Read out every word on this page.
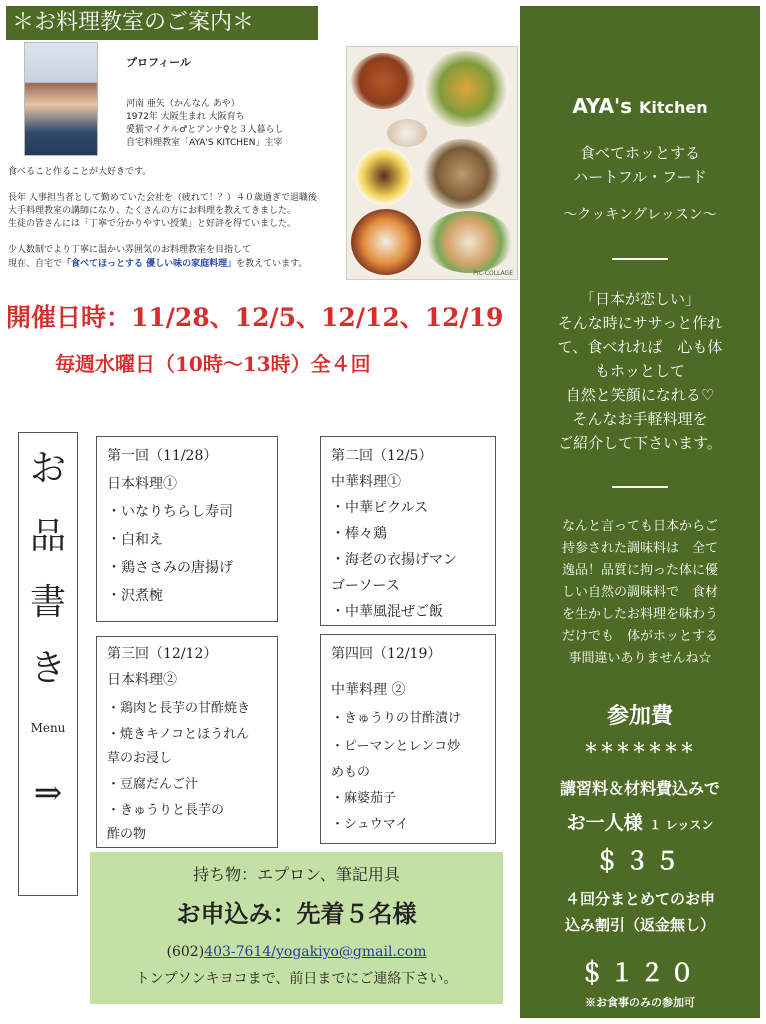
＊お料理教室のご案内＊
プロフィール
河南 亜矢（かんなん あや）
1972年 大阪生まれ 大阪育ち
愛猫マイケル♂とアンナ♀と３人暮らし
自宅料理教室「AYA'S KITCHEN」主宰
食べること作ることが大好きです。
長年 人事担当者として勤めていた会社を（疲れて！？）４０歳過ぎで退職後
大手料理教室の講師になり、たくさんの方にお料理を教えてきました。
生徒の皆さんには「丁寧で分かりやすい授業」と好評を得ていました。
少人数制でより丁寧に温かい雰囲気のお料理教室を目指して
現在、自宅で「食べてほっとする 優しい味の家庭料理」を教えています。
PIC-COLLAGE
開催日時：11/28、12/5、12/12、12/19
毎週水曜日（10時～13時）全４回
お
品
書
き
Menu
⇒
第一回（11/28）
日本料理①
・いなりちらし寿司
・白和え
・鶏ささみの唐揚げ
・沢煮椀
第二回（12/5）
中華料理①
・中華ピクルス
・棒々鶏
・海老の衣揚げマン
ゴーソース
・中華風混ぜご飯
第三回（12/12）
日本料理②
・鶏肉と長芋の甘酢焼き
・焼きキノコとほうれん
草のお浸し
・豆腐だんご汁
・きゅうりと長芋の
酢の物
第四回（12/19）
中華料理 ②
・きゅうりの甘酢漬け
・ピーマンとレンコ炒
めもの
・麻婆茄子
・シュウマイ
持ち物：エプロン、筆記用具
お申込み：先着５名様
(602)403-7614/yogakiyo@gmail.com
トンプソンキヨコまで、前日までにご連絡下さい。
AYA's Kitchen
食べてホッとする
ハートフル・フード
～クッキングレッスン～
「日本が恋しい」
そんな時にササっと作れ
て、食べれれば　心も体
もホッとして
自然と笑顔になれる♡
そんなお手軽料理を
ご紹介して下さいます。
なんと言っても日本からご
持参された調味料は　全て
逸品！品質に拘った体に優
しい自然の調味料で　食材
を生かしたお料理を味わう
だけでも　体がホッとする
事間違いありませんね☆
参加費
＊＊＊＊＊＊＊
講習料＆材料費込みで
お一人様 １ レッスン
＄３５
４回分まとめてのお申
込み割引（返金無し）
＄１２０
※お食事のみの参加可
